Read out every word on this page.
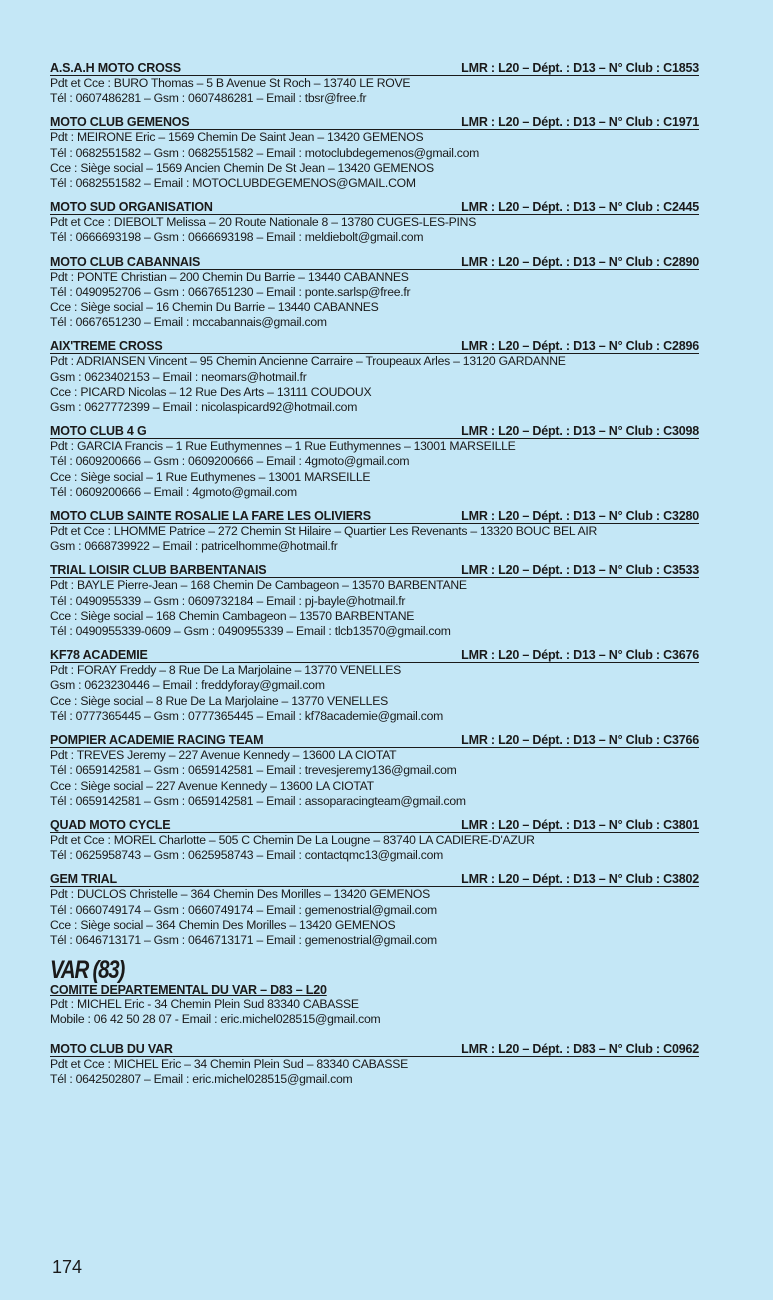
A.S.A.H MOTO CROSS	LMR : L20 – Dépt. : D13 – N° Club : C1853
Pdt et Cce : BURO Thomas – 5 B Avenue St Roch – 13740 LE ROVE
Tél : 0607486281 – Gsm : 0607486281 – Email : tbsr@free.fr
MOTO CLUB GEMENOS	LMR : L20 – Dépt. : D13 – N° Club : C1971
Pdt : MEIRONE Eric – 1569 Chemin De Saint Jean – 13420 GEMENOS
Tél : 0682551582 – Gsm : 0682551582 – Email : motoclubdegemenos@gmail.com
Cce : Siège social – 1569 Ancien Chemin De St Jean – 13420 GEMENOS
Tél : 0682551582 – Email : MOTOCLUBDEGEMENOS@GMAIL.COM
MOTO SUD ORGANISATION	LMR : L20 – Dépt. : D13 – N° Club : C2445
Pdt et Cce : DIEBOLT Melissa – 20 Route Nationale 8 – 13780 CUGES-LES-PINS
Tél : 0666693198 – Gsm : 0666693198 – Email : meldiebolt@gmail.com
MOTO CLUB CABANNAIS	LMR : L20 – Dépt. : D13 – N° Club : C2890
Pdt : PONTE Christian – 200 Chemin Du Barrie – 13440 CABANNES
Tél : 0490952706 – Gsm : 0667651230 – Email : ponte.sarlsp@free.fr
Cce : Siège social – 16 Chemin Du Barrie – 13440 CABANNES
Tél : 0667651230 – Email : mccabannais@gmail.com
AIX'TREME CROSS	LMR : L20 – Dépt. : D13 – N° Club : C2896
Pdt : ADRIANSEN Vincent – 95 Chemin Ancienne Carraire – Troupeaux Arles – 13120 GARDANNE
Gsm : 0623402153 – Email : neomars@hotmail.fr
Cce : PICARD Nicolas – 12 Rue Des Arts – 13111 COUDOUX
Gsm : 0627772399 – Email : nicolaspicard92@hotmail.com
MOTO CLUB 4 G	LMR : L20 – Dépt. : D13 – N° Club : C3098
Pdt : GARCIA Francis – 1 Rue Euthymennes – 1 Rue Euthymennes – 13001 MARSEILLE
Tél : 0609200666 – Gsm : 0609200666 – Email : 4gmoto@gmail.com
Cce : Siège social – 1 Rue Euthymenes – 13001 MARSEILLE
Tél : 0609200666 – Email : 4gmoto@gmail.com
MOTO CLUB SAINTE ROSALIE LA FARE LES OLIVIERS	LMR : L20 – Dépt. : D13 – N° Club : C3280
Pdt et Cce : LHOMME Patrice – 272 Chemin St Hilaire – Quartier Les Revenants – 13320 BOUC BEL AIR
Gsm : 0668739922 – Email : patricelhomme@hotmail.fr
TRIAL LOISIR CLUB BARBENTANAIS	LMR : L20 – Dépt. : D13 – N° Club : C3533
Pdt : BAYLE Pierre-Jean – 168 Chemin De Cambageon – 13570 BARBENTANE
Tél : 0490955339 – Gsm : 0609732184 – Email : pj-bayle@hotmail.fr
Cce : Siège social – 168 Chemin Cambageon – 13570 BARBENTANE
Tél : 0490955339-0609 – Gsm : 0490955339 – Email : tlcb13570@gmail.com
KF78 ACADEMIE	LMR : L20 – Dépt. : D13 – N° Club : C3676
Pdt : FORAY Freddy – 8 Rue De La Marjolaine – 13770 VENELLES
Gsm : 0623230446 – Email : freddyforay@gmail.com
Cce : Siège social – 8 Rue De La Marjolaine – 13770 VENELLES
Tél : 0777365445 – Gsm : 0777365445 – Email : kf78academie@gmail.com
POMPIER ACADEMIE RACING TEAM	LMR : L20 – Dépt. : D13 – N° Club : C3766
Pdt : TREVES Jeremy – 227 Avenue Kennedy – 13600 LA CIOTAT
Tél : 0659142581 – Gsm : 0659142581 – Email : trevesjeremy136@gmail.com
Cce : Siège social – 227 Avenue Kennedy – 13600 LA CIOTAT
Tél : 0659142581 – Gsm : 0659142581 – Email : assoparacingteam@gmail.com
QUAD MOTO CYCLE	LMR : L20 – Dépt. : D13 – N° Club : C3801
Pdt et Cce : MOREL Charlotte – 505 C Chemin De La Lougne – 83740 LA CADIERE-D'AZUR
Tél : 0625958743 – Gsm : 0625958743 – Email : contactqmc13@gmail.com
GEM TRIAL	LMR : L20 – Dépt. : D13 – N° Club : C3802
Pdt : DUCLOS Christelle – 364 Chemin Des Morilles – 13420 GEMENOS
Tél : 0660749174 – Gsm : 0660749174 – Email : gemenostrial@gmail.com
Cce : Siège social – 364 Chemin Des Morilles – 13420 GEMENOS
Tél : 0646713171 – Gsm : 0646713171 – Email : gemenostrial@gmail.com
VAR (83)
COMITE DEPARTEMENTAL DU VAR – D83 – L20
Pdt : MICHEL Eric - 34 Chemin Plein Sud 83340 CABASSE
Mobile : 06 42 50 28 07 - Email : eric.michel028515@gmail.com
MOTO CLUB DU VAR	LMR : L20 – Dépt. : D83 – N° Club : C0962
Pdt et Cce : MICHEL Eric – 34 Chemin Plein Sud – 83340 CABASSE
Tél : 0642502807 – Email : eric.michel028515@gmail.com
174
